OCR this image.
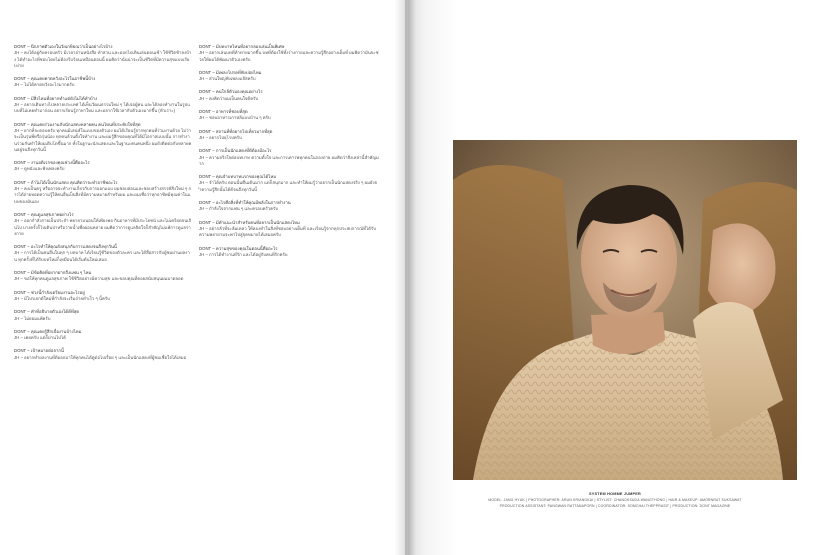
DONT – นึกภาพตัวเองในวัยเกษียณว่าเป็นอย่างไรบ้าง

JH – คงได้อยู่กับครอบครัว มีเวลาอ่านหนังสือ ทำสวน และออกไปเดินเล่นตอนเช้า ใช้ชีวิตช้าลงบ้าง ได้ทำอะไรที่ชอบโดยไม่ต้องรีบร้อนเหมือนตอนนี้ ผมคิดว่านั่นน่าจะเป็นชีวิตที่มีความสุขแบบเรียบง่าย

DONT – คุณเคยคาดหวังอะไรในอาชีพนี้บ้าง

JH – ไม่ได้คาดหวังอะไรมากครับ

DONT – มีสิ่งไหนที่อยากทำแต่ยังไม่ได้ทำบ้าง

JH – อยากเดินทางไปหลายประเทศ ได้เห็นวัฒนธรรมใหม่ ๆ ได้เจอผู้คน และได้ลองทำงานในรูปแบบที่ไม่เคยทำมาก่อน อยากเรียนรู้ภาษาใหม่ และอยากใช้เวลากับตัวเองมากขึ้น (หัวเราะ)

DONT – คุณเคยร่วมงานกับนักแสดงหลายคน คนไหนที่ประทับใจที่สุด

JH – ยากที่จะตอบครับ ทุกคนมีเสน่ห์ในแบบของตัวเอง ผมได้เรียนรู้จากทุกคนที่ร่วมงานด้วย ไม่ว่าจะเป็นรุ่นพี่หรือรุ่นน้อง ทุกคนล้วนตั้งใจทำงาน และผมรู้สึกขอบคุณที่ได้มีโอกาสแบบนั้น การทำงานร่วมกันทำให้ผมเติบโตขึ้นมาก ทั้งในฐานะนักแสดงและในฐานะคนคนหนึ่ง ผมยังติดต่อกับหลายคนอยู่จนถึงทุกวันนี้

DONT – งานอดิเรกของคุณช่วงนี้คืออะไร

JH – ดูหนังและฟังเพลงครับ

DONT – ถ้าไม่ได้เป็นนักแสดง คุณคิดว่าจะทำอาชีพอะไร

JH – คงเป็นครู หรืออาจจะทำงานเกี่ยวกับการออกแบบ ผมชอบสอนและชอบสร้างสรรค์สิ่งใหม่ ๆ การได้ถ่ายทอดความรู้ให้คนอื่นเป็นสิ่งที่มีความหมายสำหรับผม และผมเชื่อว่าทุกอาชีพมีคุณค่าในแบบของมันเอง

DONT – คุณดูแลสุขภาพอย่างไร

JH – ออกกำลังกายเป็นประจำ พยายามนอนให้เพียงพอ กินอาหารที่มีประโยชน์ และไม่เครียดจนเกินไป บางครั้งก็ไปเดินป่าหรือว่ายน้ำเพื่อผ่อนคลาย ผมคิดว่าการดูแลจิตใจก็สำคัญไม่แพ้การดูแลร่างกาย

DONT – อะไรทำให้คุณยังสนุกกับการแสดงจนถึงทุกวันนี้

JH – การได้เป็นคนอื่นในทุก ๆ บทบาท ได้เรียนรู้ชีวิตของตัวละคร และได้สื่อสารกับผู้ชมผ่านผลงาน ทุกครั้งที่ได้รับบทใหม่ก็เหมือนได้เริ่มต้นใหม่เสมอ

DONT – มีข้อคิดที่อยากฝากถึงแฟน ๆ ไหม

JH – ขอให้ทุกคนดูแลสุขภาพ ใช้ชีวิตอย่างมีความสุข และขอบคุณที่คอยสนับสนุนผมมาตลอด

DONT – ช่วงนี้กำลังเตรียมงานอะไรอยู่

JH – มีโปรเจกต์ใหม่ที่กำลังจะเริ่มถ่ายทำเร็ว ๆ นี้ครับ

DONT – คำที่อธิบายตัวเองได้ดีที่สุด

JH – ไม่ยอมแพ้ครับ

DONT – คุณเคยรู้สึกเบื่องานบ้างไหม

JH – เคยครับ แต่ก็ผ่านไปได้

DONT – เป้าหมายต่อจากนี้

JH – อยากทำผลงานที่ดีออกมาให้ทุกคนได้ดูต่อไปเรื่อย ๆ และเป็นนักแสดงที่ผู้ชมเชื่อใจได้เสมอ

DONT – มีบทบาทไหนที่อยากลองเล่นเป็นพิเศษ

JH – อยากเล่นบทที่ท้าทายมากขึ้น บทที่ต้องใช้ทั้งร่างกายและความรู้สึกอย่างเต็มที่ ผมคิดว่ามันจะช่วยให้ผมได้พัฒนาตัวเองครับ

DONT – มีเพลงโปรดที่ฟังบ่อยไหม

JH – ส่วนใหญ่ฟังเพลงแจ๊สครับ

DONT – คนใกล้ตัวมองคุณอย่างไร

JH – คงคิดว่าผมเป็นคนใจดีครับ

DONT – อาหารที่ชอบที่สุด

JH – ชอบอาหารเกาหลีแบบบ้าน ๆ ครับ

DONT – สถานที่ที่อยากไปเที่ยวมากที่สุด

JH – อยากไปยุโรปครับ

DONT – การเป็นนักแสดงที่ดีต้องมีอะไร

JH – ความจริงใจต่อบทบาท ความตั้งใจ และการเคารพทุกคนในกองถ่าย ผมคิดว่าสิ่งเหล่านี้สำคัญมาก

DONT – คุณจำบทบาทแรกของคุณได้ไหม

JH – จำได้ครับ ตอนนั้นตื่นเต้นมาก แต่ก็สนุกมาก และทำให้ผมรู้ว่าอยากเป็นนักแสดงจริง ๆ ผมยังจำความรู้สึกนั้นได้ดีจนถึงทุกวันนี้

DONT – อะไรคือสิ่งที่ทำให้คุณมีพลังในการทำงาน

JH – กำลังใจจากแฟน ๆ และครอบครัวครับ

DONT – มีคำแนะนำสำหรับคนที่อยากเป็นนักแสดงไหม

JH – อย่ากลัวที่จะล้มเหลว ให้ลองทำในสิ่งที่ชอบอย่างเต็มที่ และเรียนรู้จากทุกประสบการณ์ที่ได้รับ ความพยายามจะพาไปสู่จุดหมายได้เสมอครับ

DONT – ความสุขของคุณในตอนนี้คืออะไร

JH – การได้ทำงานที่รัก และได้อยู่กับคนที่รักครับ

SYSTEM HOMME JUMPER
MODEL: JANG HYUK | PHOTOGRAPHER: ARUN KRIANGKAI | STYLIST: CHANOKSUDA WANGTHONG | HAIR & MAKEUP: AMORNRAT SUKSAWAT
PRODUCTION ASSISTANT: PANGWAN RATTANAPORN | COORDINATOR: SOMCHAI THEPPRASIT | PRODUCTION: DONT MAGAZINE
